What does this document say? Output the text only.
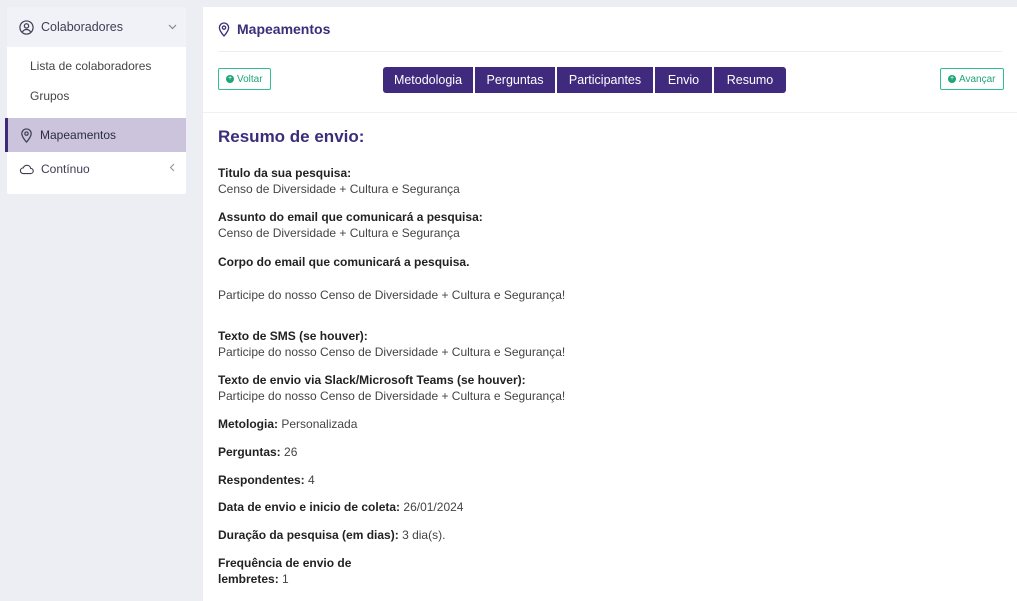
Colaboradores
Lista de colaboradores
Grupos
Mapeamentos
Contínuo
Mapeamentos
+ Voltar	Metodologia	Perguntas	Participantes	Envio	Resumo	+ Avançar
Resumo de envio:
Titulo da sua pesquisa:
Censo de Diversidade + Cultura e Segurança
Assunto do email que comunicará a pesquisa:
Censo de Diversidade + Cultura e Segurança
Corpo do email que comunicará a pesquisa.
Participe do nosso Censo de Diversidade + Cultura e Segurança!
Texto de SMS (se houver):
Participe do nosso Censo de Diversidade + Cultura e Segurança!
Texto de envio via Slack/Microsoft Teams (se houver):
Participe do nosso Censo de Diversidade + Cultura e Segurança!
Metologia: Personalizada
Perguntas: 26
Respondentes: 4
Data de envio e inicio de coleta: 26/01/2024
Duração da pesquisa (em dias): 3 dia(s).
Frequência de envio de
lembretes: 1
